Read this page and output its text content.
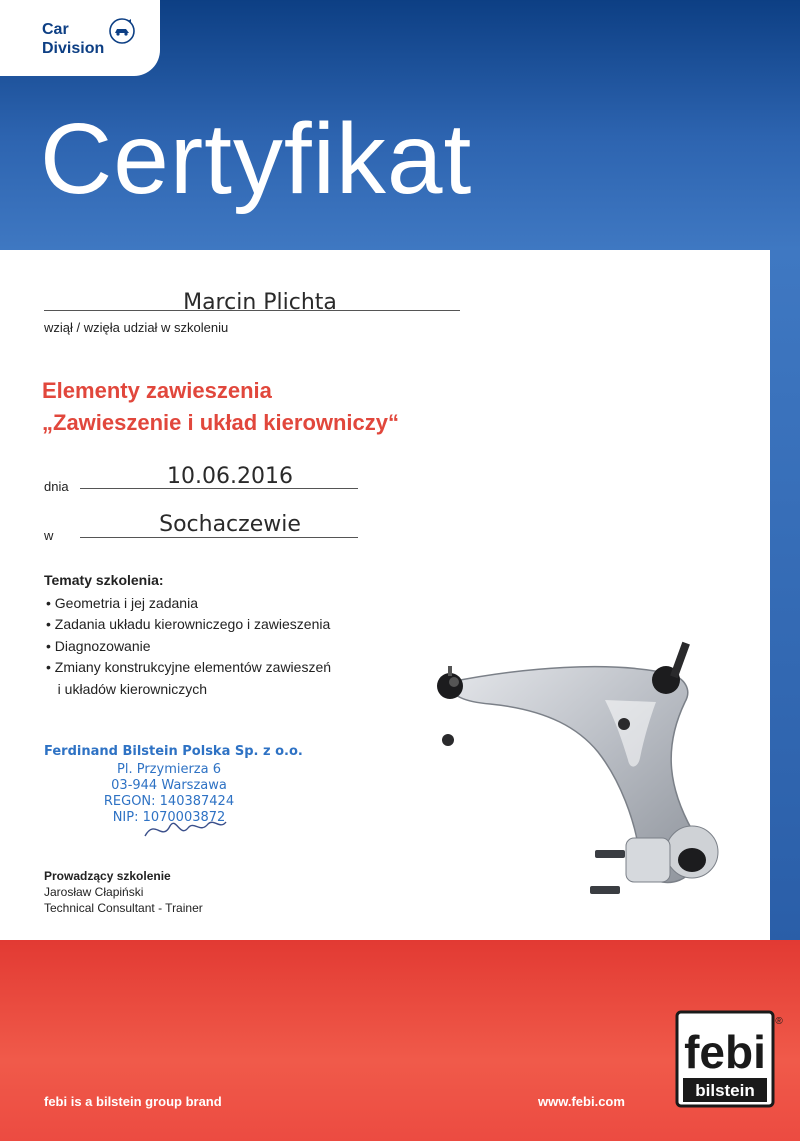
Car
Division
Certyfikat
Marcin Plichta
wziął / wzięła udział w szkoleniu
Elementy zawieszenia
„Zawieszenie i układ kierowniczy“
dnia	10.06.2016
w	Sochaczewie
Tematy szkolenia:
• Geometria i jej zadania
• Zadania układu kierowniczego i zawieszenia
• Diagnozowanie
• Zmiany konstrukcyjne elementów zawieszeń
i układów kierowniczych
Ferdinand Bilstein Polska Sp. z o.o.
Pl. Przymierza 6
03-944 Warszawa
REGON: 140387424
NIP: 1070003872
Prowadzący szkolenie
Jarosław Cłapiński
Technical Consultant - Trainer
febi is a bilstein group brand	www.febi.com
febi
bilstein
®
